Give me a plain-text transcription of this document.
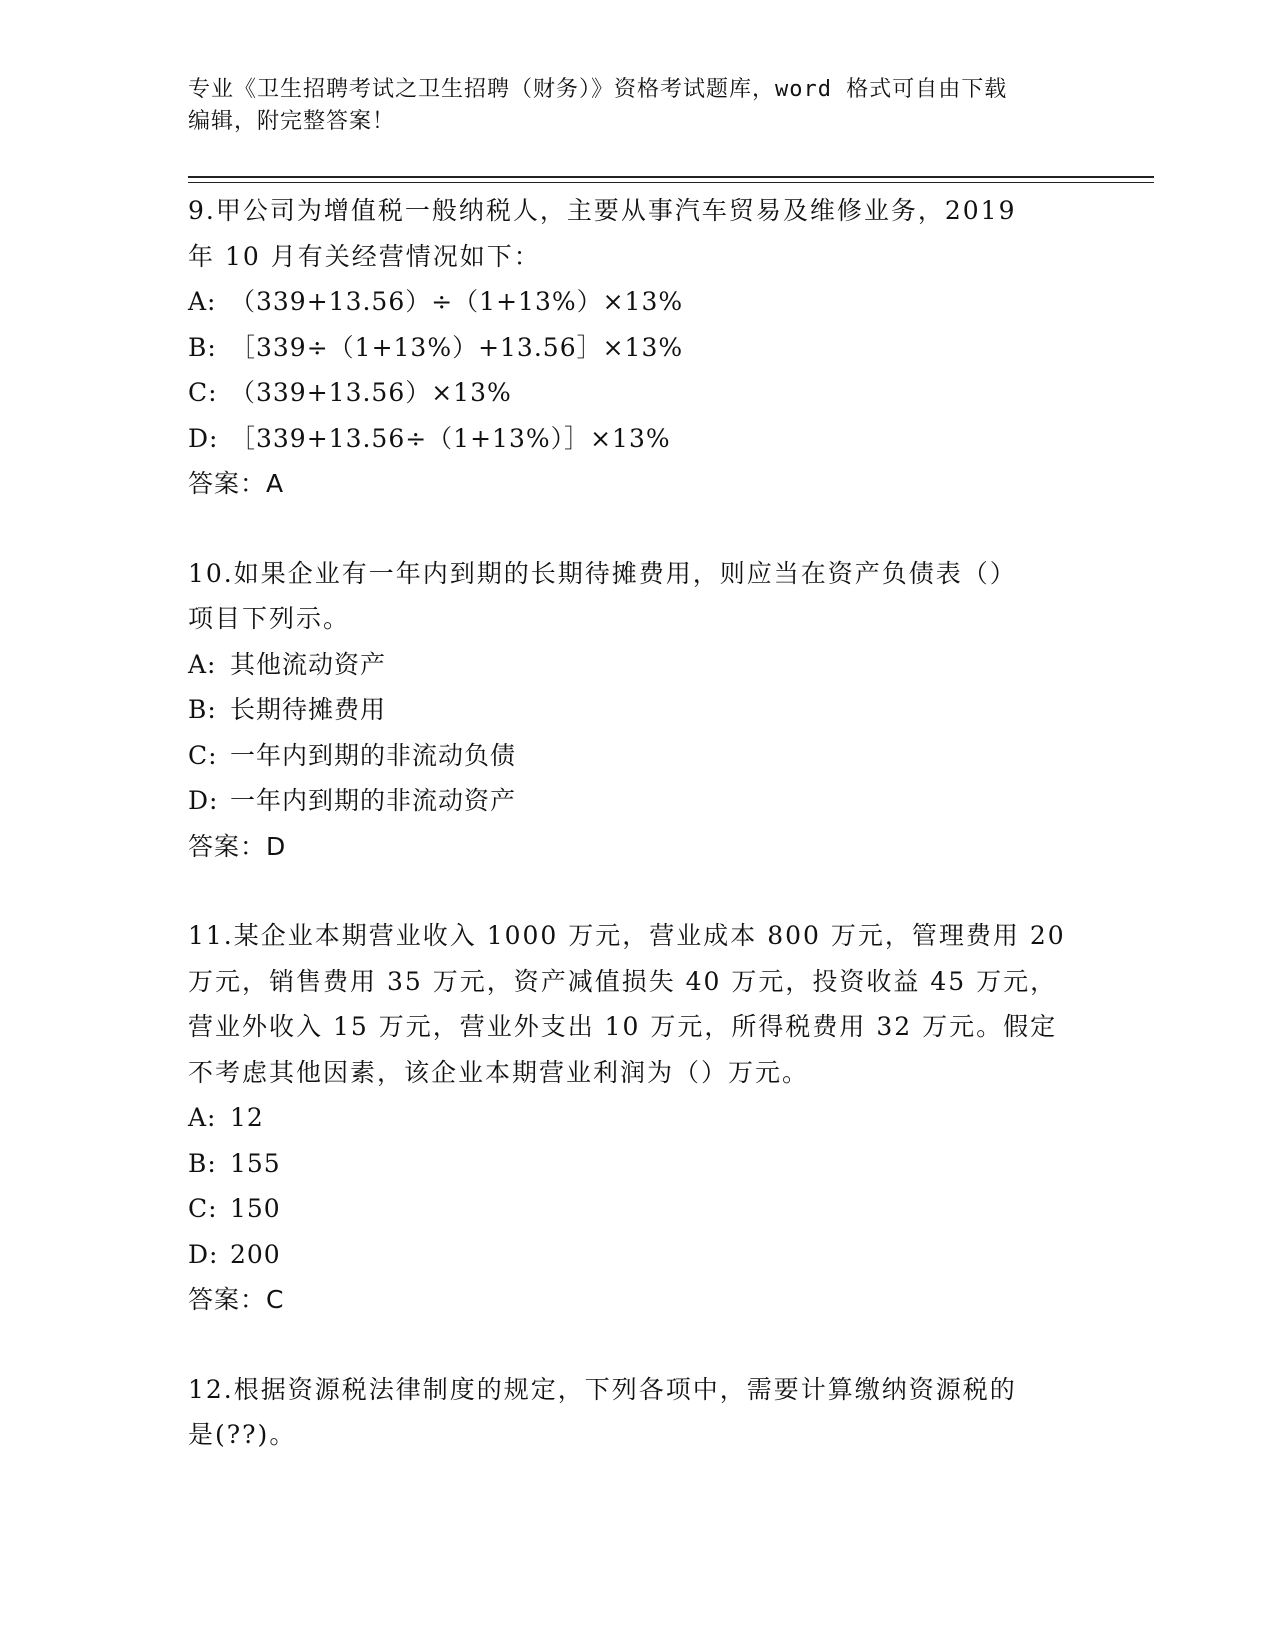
专业《卫生招聘考试之卫生招聘（财务）》资格考试题库，word 格式可自由下载
编辑，附完整答案！
9.甲公司为增值税一般纳税人，主要从事汽车贸易及维修业务，2019
年 10 月有关经营情况如下：
A: （339+13.56）÷（1+13%）×13%
B: ［339÷（1+13%）+13.56］×13%
C: （339+13.56）×13%
D: ［339+13.56÷（1+13%）］×13%
答案：A
10.如果企业有一年内到期的长期待摊费用，则应当在资产负债表（）
项目下列示。
A: 其他流动资产
B: 长期待摊费用
C: 一年内到期的非流动负债
D: 一年内到期的非流动资产
答案：D
11.某企业本期营业收入 1000 万元，营业成本 800 万元，管理费用 20
万元，销售费用 35 万元，资产减值损失 40 万元，投资收益 45 万元，
营业外收入 15 万元，营业外支出 10 万元，所得税费用 32 万元。假定
不考虑其他因素，该企业本期营业利润为（）万元。
A: 12
B: 155
C: 150
D: 200
答案：C
12.根据资源税法律制度的规定，下列各项中，需要计算缴纳资源税的
是(??)。
